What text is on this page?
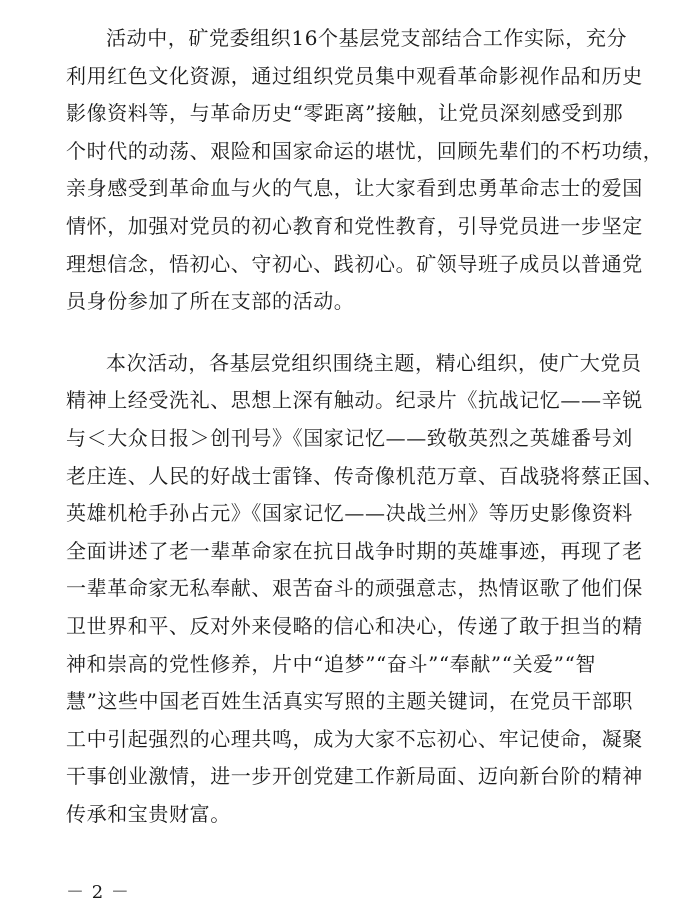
活动中，矿党委组织16个基层党支部结合工作实际，充分
利用红色文化资源，通过组织党员集中观看革命影视作品和历史
影像资料等，与革命历史“零距离”接触，让党员深刻感受到那
个时代的动荡、艰险和国家命运的堪忧，回顾先辈们的不朽功绩，
亲身感受到革命血与火的气息，让大家看到忠勇革命志士的爱国
情怀，加强对党员的初心教育和党性教育，引导党员进一步坚定
理想信念，悟初心、守初心、践初心。矿领导班子成员以普通党
员身份参加了所在支部的活动。

本次活动，各基层党组织围绕主题，精心组织，使广大党员
精神上经受洗礼、思想上深有触动。纪录片《抗战记忆——辛锐
与＜大众日报＞创刊号》《国家记忆——致敬英烈之英雄番号刘
老庄连、人民的好战士雷锋、传奇像机范万章、百战骁将蔡正国、
英雄机枪手孙占元》《国家记忆——决战兰州》等历史影像资料
全面讲述了老一辈革命家在抗日战争时期的英雄事迹，再现了老
一辈革命家无私奉献、艰苦奋斗的顽强意志，热情讴歌了他们保
卫世界和平、反对外来侵略的信心和决心，传递了敢于担当的精
神和崇高的党性修养，片中“追梦”“奋斗”“奉献”“关爱”“智
慧”这些中国老百姓生活真实写照的主题关键词，在党员干部职
工中引起强烈的心理共鸣，成为大家不忘初心、牢记使命，凝聚
干事创业激情，进一步开创党建工作新局面、迈向新台阶的精神
传承和宝贵财富。

－ 2 －
